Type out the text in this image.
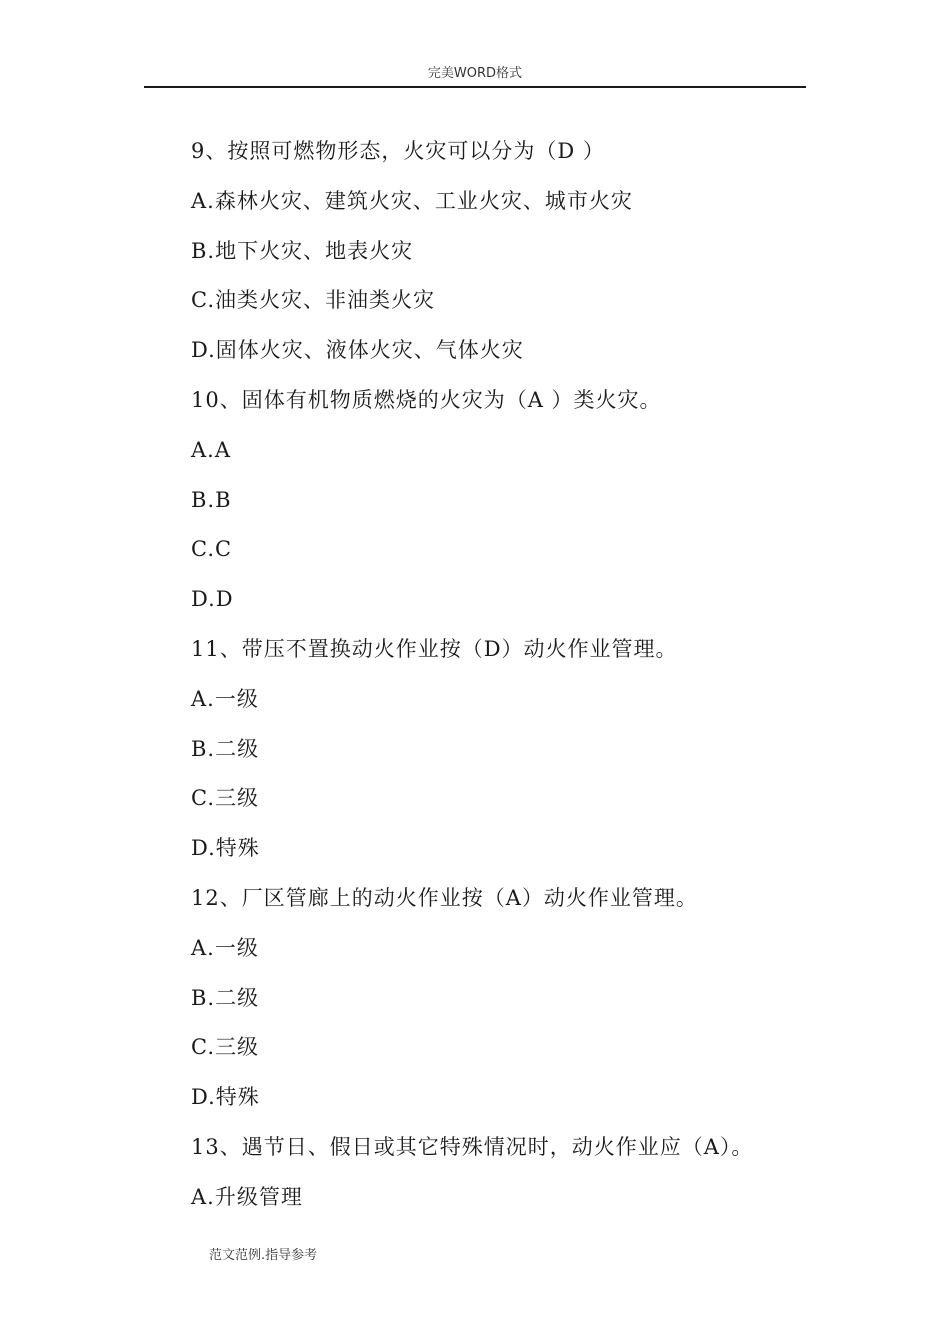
完美WORD格式
9、按照可燃物形态，火灾可以分为（D ）
A.森林火灾、建筑火灾、工业火灾、城市火灾
B.地下火灾、地表火灾
C.油类火灾、非油类火灾
D.固体火灾、液体火灾、气体火灾
10、固体有机物质燃烧的火灾为（A ）类火灾。
A.A
B.B
C.C
D.D
11、带压不置换动火作业按（D）动火作业管理。
A.一级
B.二级
C.三级
D.特殊
12、厂区管廊上的动火作业按（A）动火作业管理。
A.一级
B.二级
C.三级
D.特殊
13、遇节日、假日或其它特殊情况时，动火作业应（A）。
A.升级管理
范文范例.指导参考
